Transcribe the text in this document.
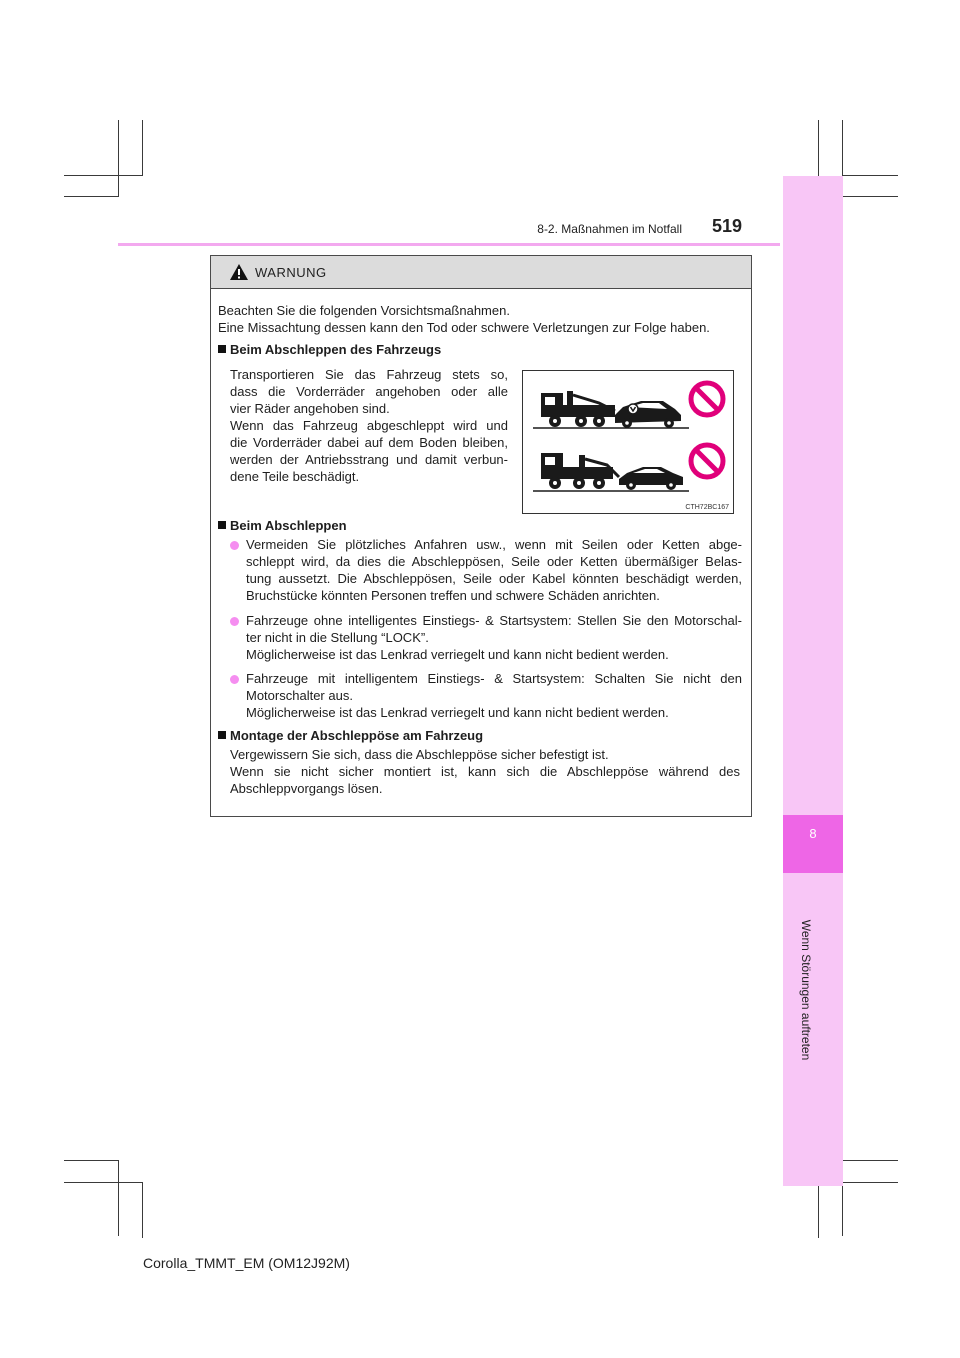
8
Wenn Störungen auftreten
8-2. Maßnahmen im Notfall 519
WARNUNG
Beachten Sie die folgenden Vorsichtsmaßnahmen.
Eine Missachtung dessen kann den Tod oder schwere Verletzungen zur Folge haben.
Beim Abschleppen des Fahrzeugs
Transportieren Sie das Fahrzeug stets so,
dass die Vorderräder angehoben oder alle
vier Räder angehoben sind.
Wenn das Fahrzeug abgeschleppt wird und
die Vorderräder dabei auf dem Boden bleiben,
werden der Antriebsstrang und damit verbun-
dene Teile beschädigt.
CTH72BC167
Beim Abschleppen
Vermeiden Sie plötzliches Anfahren usw., wenn mit Seilen oder Ketten abge-
schleppt wird, da dies die Abschleppösen, Seile oder Ketten übermäßiger Belas-
tung aussetzt. Die Abschleppösen, Seile oder Kabel könnten beschädigt werden,
Bruchstücke könnten Personen treffen und schwere Schäden anrichten.
Fahrzeuge ohne intelligentes Einstiegs- & Startsystem: Stellen Sie den Motorschal-
ter nicht in die Stellung “LOCK”.
Möglicherweise ist das Lenkrad verriegelt und kann nicht bedient werden.
Fahrzeuge mit intelligentem Einstiegs- & Startsystem: Schalten Sie nicht den
Motorschalter aus.
Möglicherweise ist das Lenkrad verriegelt und kann nicht bedient werden.
Montage der Abschleppöse am Fahrzeug
Vergewissern Sie sich, dass die Abschleppöse sicher befestigt ist.
Wenn sie nicht sicher montiert ist, kann sich die Abschleppöse während des
Abschleppvorgangs lösen.
Corolla_TMMT_EM (OM12J92M)
